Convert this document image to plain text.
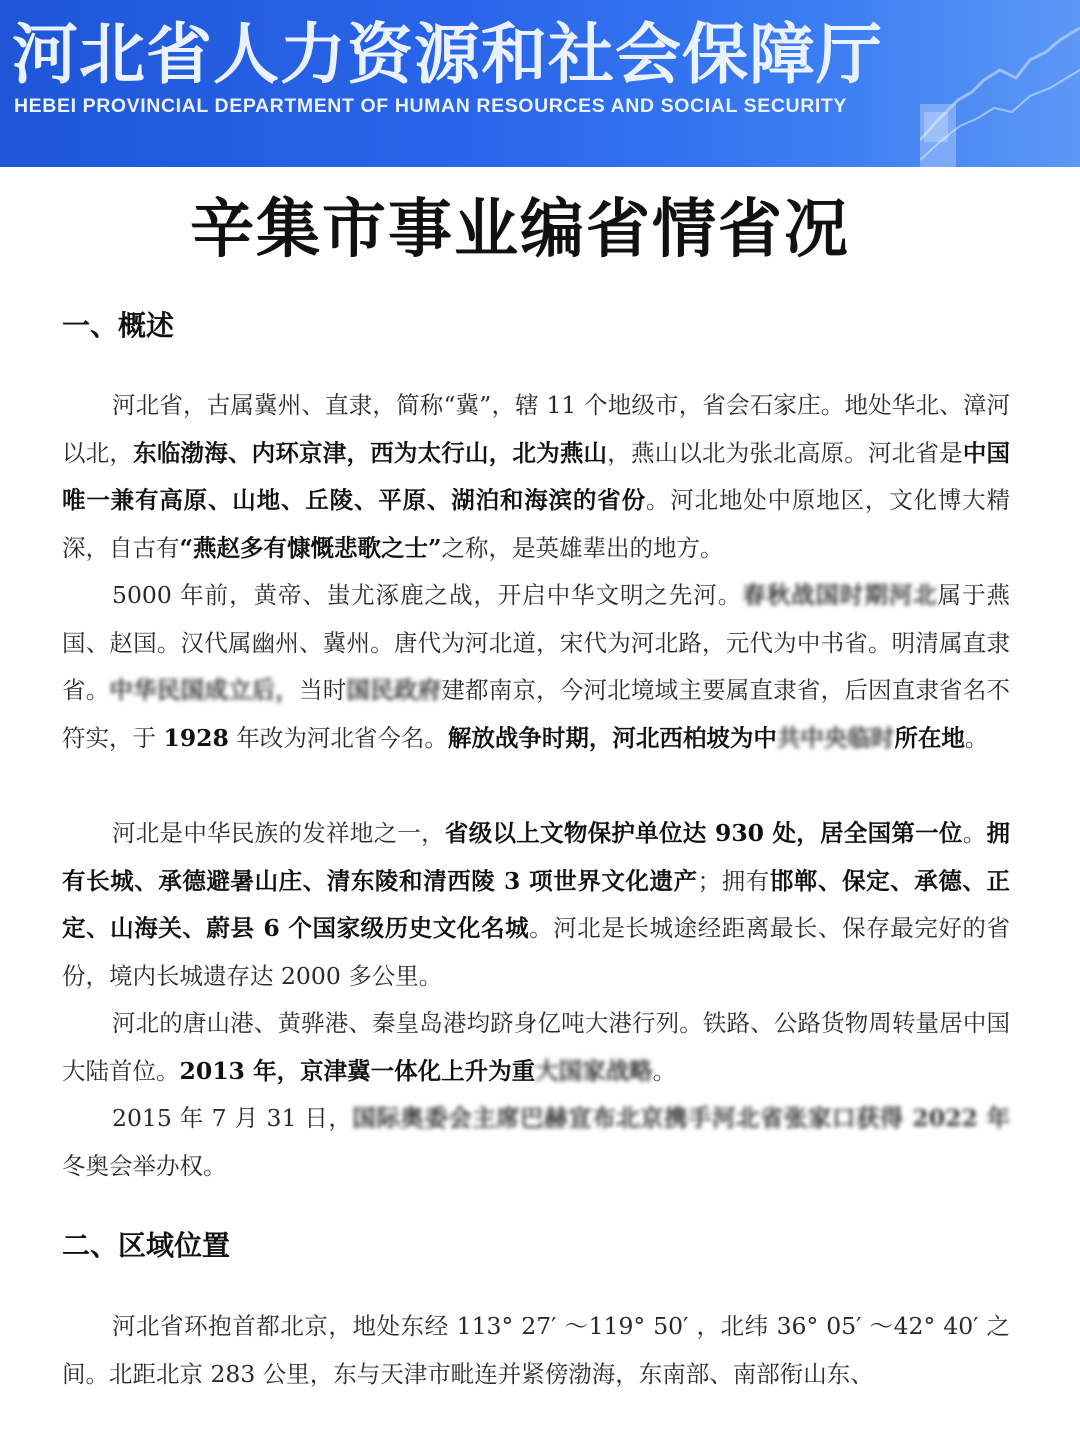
河北省人力资源和社会保障厅
HEBEI PROVINCIAL DEPARTMENT OF HUMAN RESOURCES AND SOCIAL SECURITY
辛集市事业编省情省况
一、概述

河北省，古属冀州、直隶，简称“冀”，辖 11 个地级市，省会石家庄。地处华北、漳河以北，东临渤海、内环京津，西为太行山，北为燕山，燕山以北为张北高原。河北省是中国唯一兼有高原、山地、丘陵、平原、湖泊和海滨的省份。河北地处中原地区，文化博大精深，自古有“燕赵多有慷慨悲歌之士”之称，是英雄辈出的地方。

5000 年前，黄帝、蚩尤涿鹿之战，开启中华文明之先河。春秋战国时期河北属于燕国、赵国。汉代属幽州、冀州。唐代为河北道，宋代为河北路，元代为中书省。明清属直隶省。中华民国成立后，当时国民政府建都南京，今河北境域主要属直隶省，后因直隶省名不符实，于 1928 年改为河北省今名。解放战争时期，河北西柏坡为中共中央临时所在地。

河北是中华民族的发祥地之一，省级以上文物保护单位达 930 处，居全国第一位。拥有长城、承德避暑山庄、清东陵和清西陵 3 项世界文化遗产；拥有邯郸、保定、承德、正定、山海关、蔚县 6 个国家级历史文化名城。河北是长城途经距离最长、保存最完好的省份，境内长城遗存达 2000 多公里。

河北的唐山港、黄骅港、秦皇岛港均跻身亿吨大港行列。铁路、公路货物周转量居中国大陆首位。2013 年，京津冀一体化上升为重大国家战略。

2015 年 7 月 31 日，国际奥委会主席巴赫宣布北京携手河北省张家口获得 2022 年冬奥会举办权。

二、区域位置

河北省环抱首都北京，地处东经 113° 27′ ～119° 50′ ，北纬 36° 05′ ～42° 40′ 之间。北距北京 283 公里，东与天津市毗连并紧傍渤海，东南部、南部衔山东、
